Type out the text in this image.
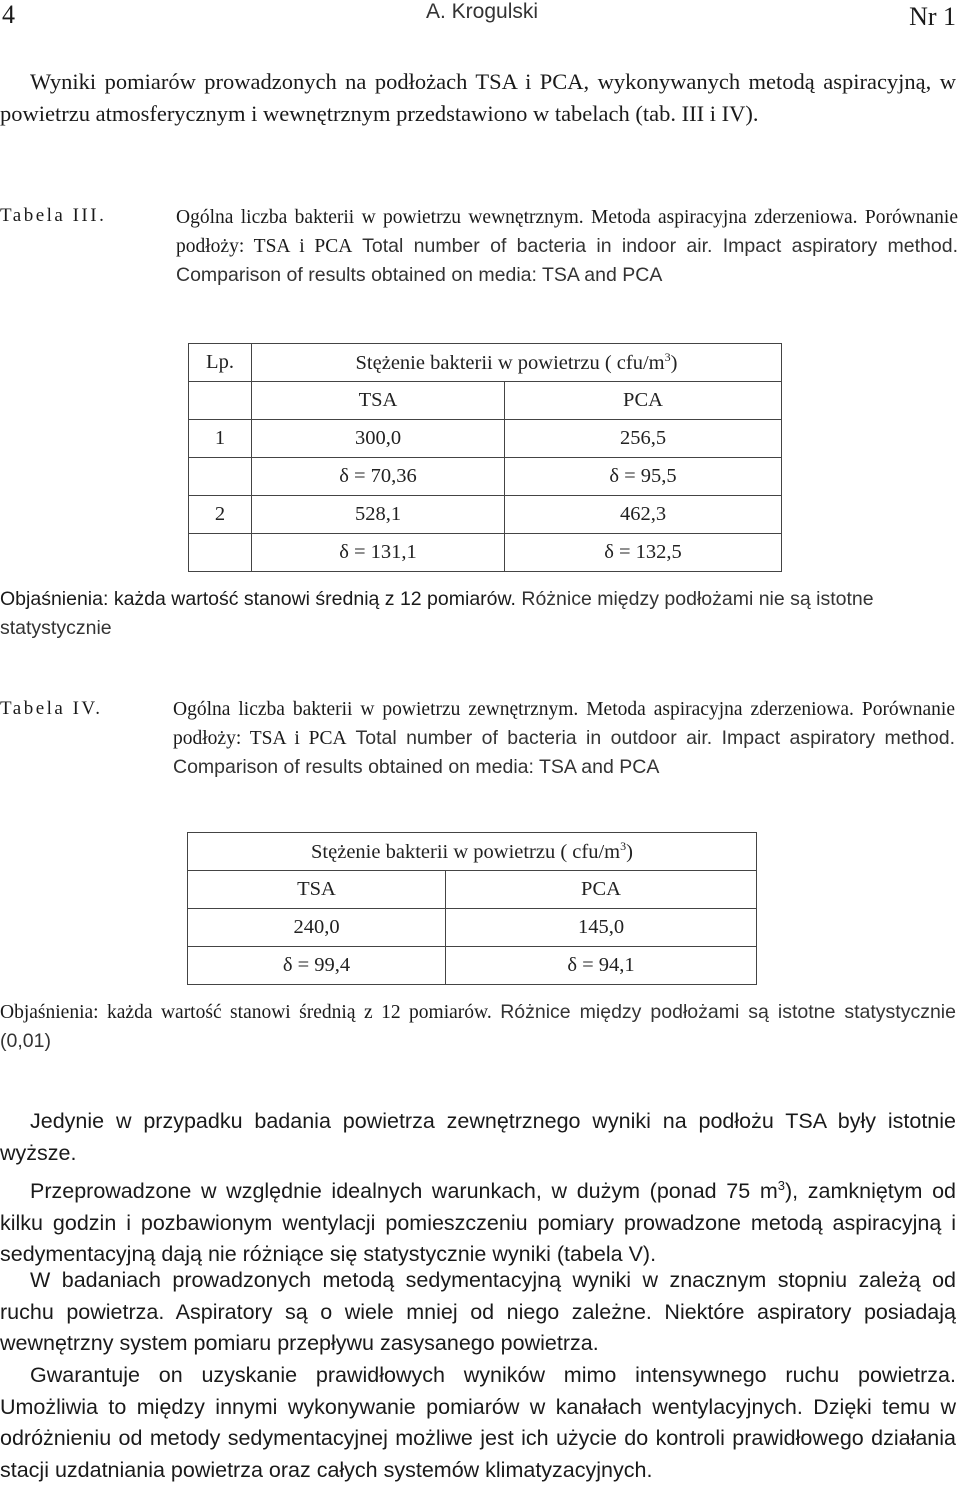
4	A. Krogulski	Nr 1
Wyniki pomiarów prowadzonych na podłożach TSA i PCA, wykonywanych metodą aspiracyjną, w powietrzu atmosferycznym i wewnętrznym przedstawiono w tabelach (tab. III i IV).
Tabela III.	Ogólna liczba bakterii w powietrzu wewnętrznym. Metoda aspiracyjna zderzeniowa. Porównanie podłoży: TSA i PCA Total number of bacteria in indoor air. Impact aspiratory method. Comparison of results obtained on media: TSA and PCA
Lp.	Stężenie bakterii w powietrzu ( cfu/$m^3$)	
	TSA	PCA
1	300,0	256,5
	δ = 70,36	δ = 95,5
2	528,1	462,3
	δ = 131,1	δ = 132,5
Objaśnienia: każda wartość stanowi średnią z 12 pomiarów. Różnice między podłożami nie są istotne statystycznie
Tabela IV.	Ogólna liczba bakterii w powietrzu zewnętrznym. Metoda aspiracyjna zderzeniowa. Porównanie podłoży: TSA i PCA Total number of bacteria in outdoor air. Impact aspiratory method. Comparison of results obtained on media: TSA and PCA
Stężenie bakterii w powietrzu ( cfu/$m^3$)	
TSA	PCA
240,0	145,0
δ = 99,4	δ = 94,1
Objaśnienia: każda wartość stanowi średnią z 12 pomiarów. Różnice między podłożami są istotne statystycznie (0,01)
Jedynie w przypadku badania powietrza zewnętrznego wyniki na podłożu TSA były istotnie wyższe.
Przeprowadzone w względnie idealnych warunkach, w dużym (ponad 75 $m^3$), zamkniętym od kilku godzin i pozbawionym wentylacji pomieszczeniu pomiary prowadzone metodą aspiracyjną i sedymentacyjną dają nie różniące się statystycznie wyniki (tabela V).
W badaniach prowadzonych metodą sedymentacyjną wyniki w znacznym stopniu zależą od ruchu powietrza. Aspiratory są o wiele mniej od niego zależne. Niektóre aspiratory posiadają wewnętrzny system pomiaru przepływu zasysanego powietrza.
Gwarantuje on uzyskanie prawidłowych wyników mimo intensywnego ruchu powietrza. Umożliwia to między innymi wykonywanie pomiarów w kanałach wentylacyjnych. Dzięki temu w odróżnieniu od metody sedymentacyjnej możliwe jest ich użycie do kontroli prawidłowego działania stacji uzdatniania powietrza oraz całych systemów klimatyzacyjnych.
